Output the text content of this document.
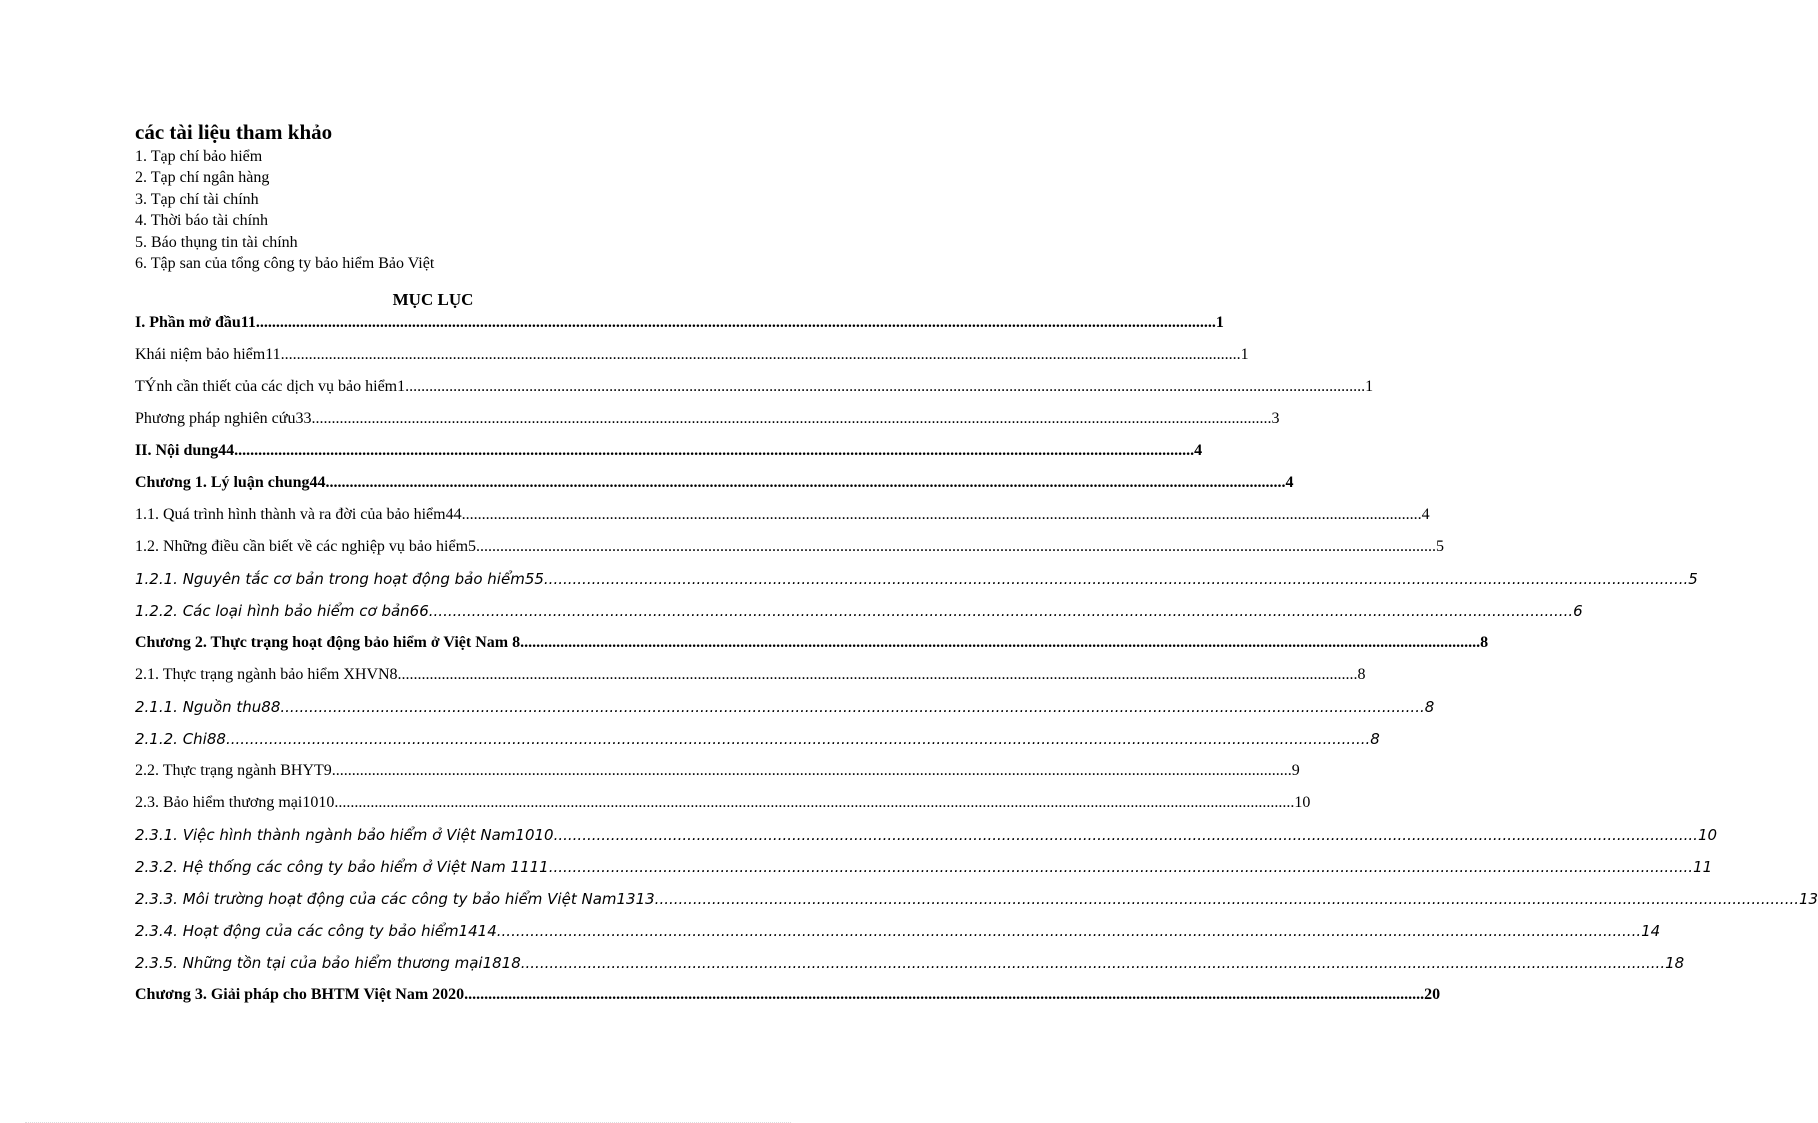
các tài liệu tham khảo
1. Tạp chí bảo hiểm
2. Tạp chí ngân hàng
3. Tạp chí tài chính
4. Thời báo tài chính
5. Báo thụng tin tài chính
6. Tập san của tổng công ty bảo hiểm Bảo Việt
MỤC LỤC
I. Phần mở đầu11 .....	1
Khái niệm bảo hiểm11 .....	1
TÝnh cần thiết của các dịch vụ bảo hiểm1 .....	1
Phương pháp nghiên cứu33 .....	3
II. Nội dung44 .....	4
Chương 1. Lý luận chung44 .....	4
1.1. Quá trình hình thành và ra đời của bảo hiểm44 .....	4
1.2. Những điều cần biết về các nghiệp vụ bảo hiểm5 .....	5
1.2.1. Nguyên tắc cơ bản trong hoạt động bảo hiểm55 .....	5
1.2.2. Các loại hình bảo hiểm cơ bản66 .....	6
Chương 2. Thực trạng hoạt động bảo hiểm ở Việt Nam 8 .....	8
2.1. Thực trạng ngành bảo hiểm XHVN8 .....	8
2.1.1. Nguồn thu88 .....	8
2.1.2. Chi88 .....	8
2.2. Thực trạng ngành BHYT9 .....	9
2.3. Bảo hiểm thương mại1010 .....	10
2.3.1. Việc hình thành ngành bảo hiểm ở Việt Nam1010 .....	10
2.3.2. Hệ thống các công ty bảo hiểm ở Việt Nam 1111 .....	11
2.3.3. Môi trường hoạt động của các công ty bảo hiểm Việt Nam1313 .....	13
2.3.4. Hoạt động của các công ty bảo hiểm1414 .....	14
2.3.5. Những tồn tại của bảo hiểm thương mại1818 .....	18
Chương 3. Giải pháp cho BHTM Việt Nam 2020 .....	20
